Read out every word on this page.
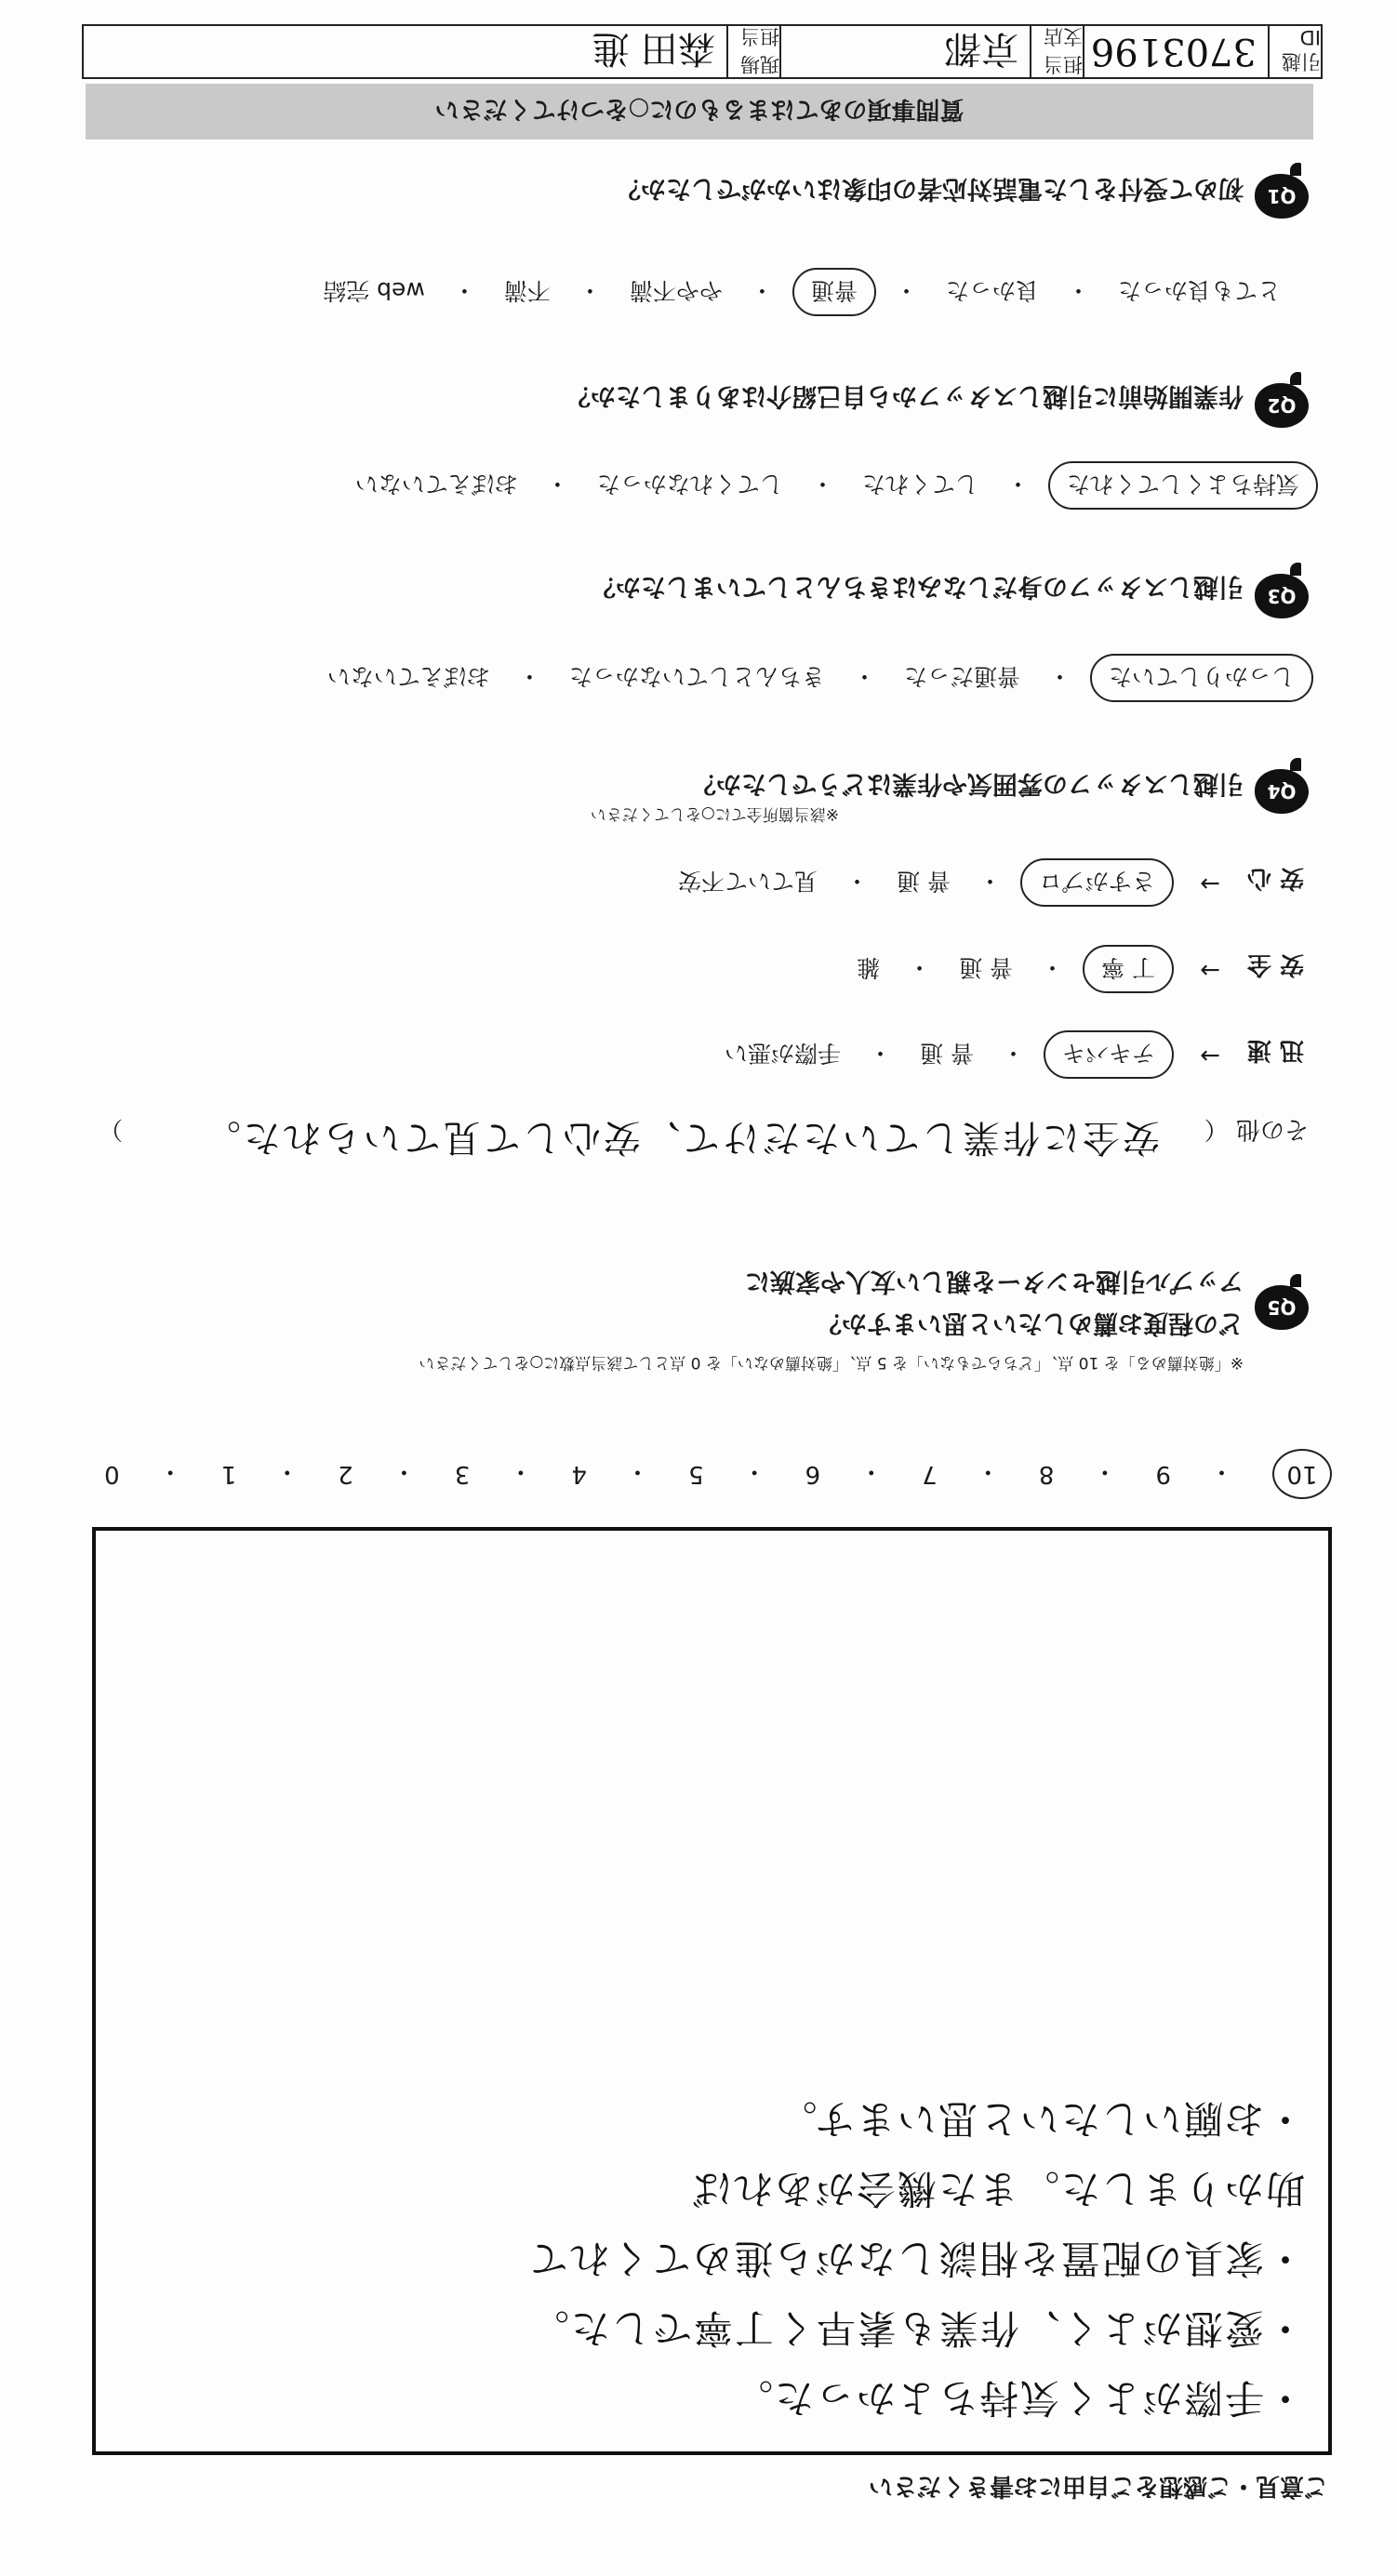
引越ID
3703196
担当支店
京都
現場担当
森田 進
質問事項のあてはまるものに○をつけてください
Q1
初めて受付をした電話対応者の印象はいかがでしたか？
とても良かった
・
良かった
・
普通
・
やや不満
・
不満
・
web 完結
Q2
作業開始前に引越しスタッフから自己紹介はありましたか？
気持ちよくしてくれた
・
してくれた
・
してくれなかった
・
おぼえていない
Q3
引越しスタッフの身だしなみはきちんとしていましたか？
しっかりしていた
・
普通だった
・
きちんとしていなかった
・
おぼえていない
Q4
引越しスタッフの雰囲気や作業はどうでしたか？
※該当箇所全てに○をしてください
安 心
→
さすがプロ
・
普 通
・
見ていて不安
安 全
→
丁 寧
・
普 通
・
雑
迅 速
→
テキパキ
・
普 通
・
手際が悪い
その他 （
安全に作業していただけて、安心して見ていられた。
）
Q5
アップル引越センターを親しい友人や家族に
どの程度お薦めしたいと思いますか？
※「絶対薦める」を 10 点、「どちらでもない」を 5 点、「絶対薦めない」を 0 点として該当点数に○をしてください
10
・
9
・
8
・
7
・
6
・
5
・
4
・
3
・
2
・
1
・
0
ご意見・ご感想をご自由にお書きください
・手際がよく気持ちよかった。
・愛想がよく、作業も素早く丁寧でした。
・家具の配置を相談しながら進めてくれて
助かりました。また機会があれば
・お願いしたいと思います。
